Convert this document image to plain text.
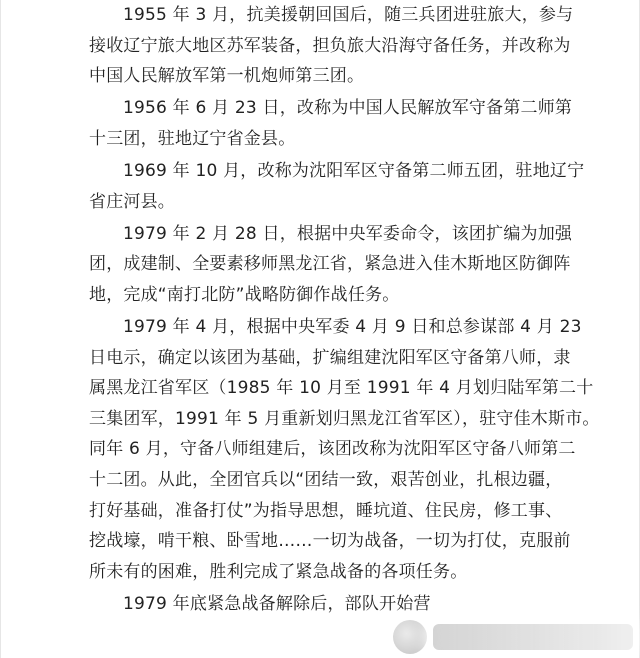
1955 年 3 月，抗美援朝回国后，随三兵团进驻旅大，参与
接收辽宁旅大地区苏军装备，担负旅大沿海守备任务，并改称为
中国人民解放军第一机炮师第三团。

1956 年 6 月 23 日，改称为中国人民解放军守备第二师第
十三团，驻地辽宁省金县。

1969 年 10 月，改称为沈阳军区守备第二师五团，驻地辽宁
省庄河县。

1979 年 2 月 28 日，根据中央军委命令，该团扩编为加强
团，成建制、全要素移师黑龙江省，紧急进入佳木斯地区防御阵
地，完成“南打北防”战略防御作战任务。

1979 年 4 月，根据中央军委 4 月 9 日和总参谋部 4 月 23
日电示，确定以该团为基础，扩编组建沈阳军区守备第八师，隶
属黑龙江省军区（1985 年 10 月至 1991 年 4 月划归陆军第二十
三集团军，1991 年 5 月重新划归黑龙江省军区），驻守佳木斯市。
同年 6 月，守备八师组建后，该团改称为沈阳军区守备八师第二
十二团。从此，全团官兵以“团结一致，艰苦创业，扎根边疆，
打好基础，准备打仗”为指导思想，睡坑道、住民房，修工事、
挖战壕，啃干粮、卧雪地……一切为战备，一切为打仗，克服前
所未有的困难，胜利完成了紧急战备的各项任务。

1979 年底紧急战备解除后，部队开始营
